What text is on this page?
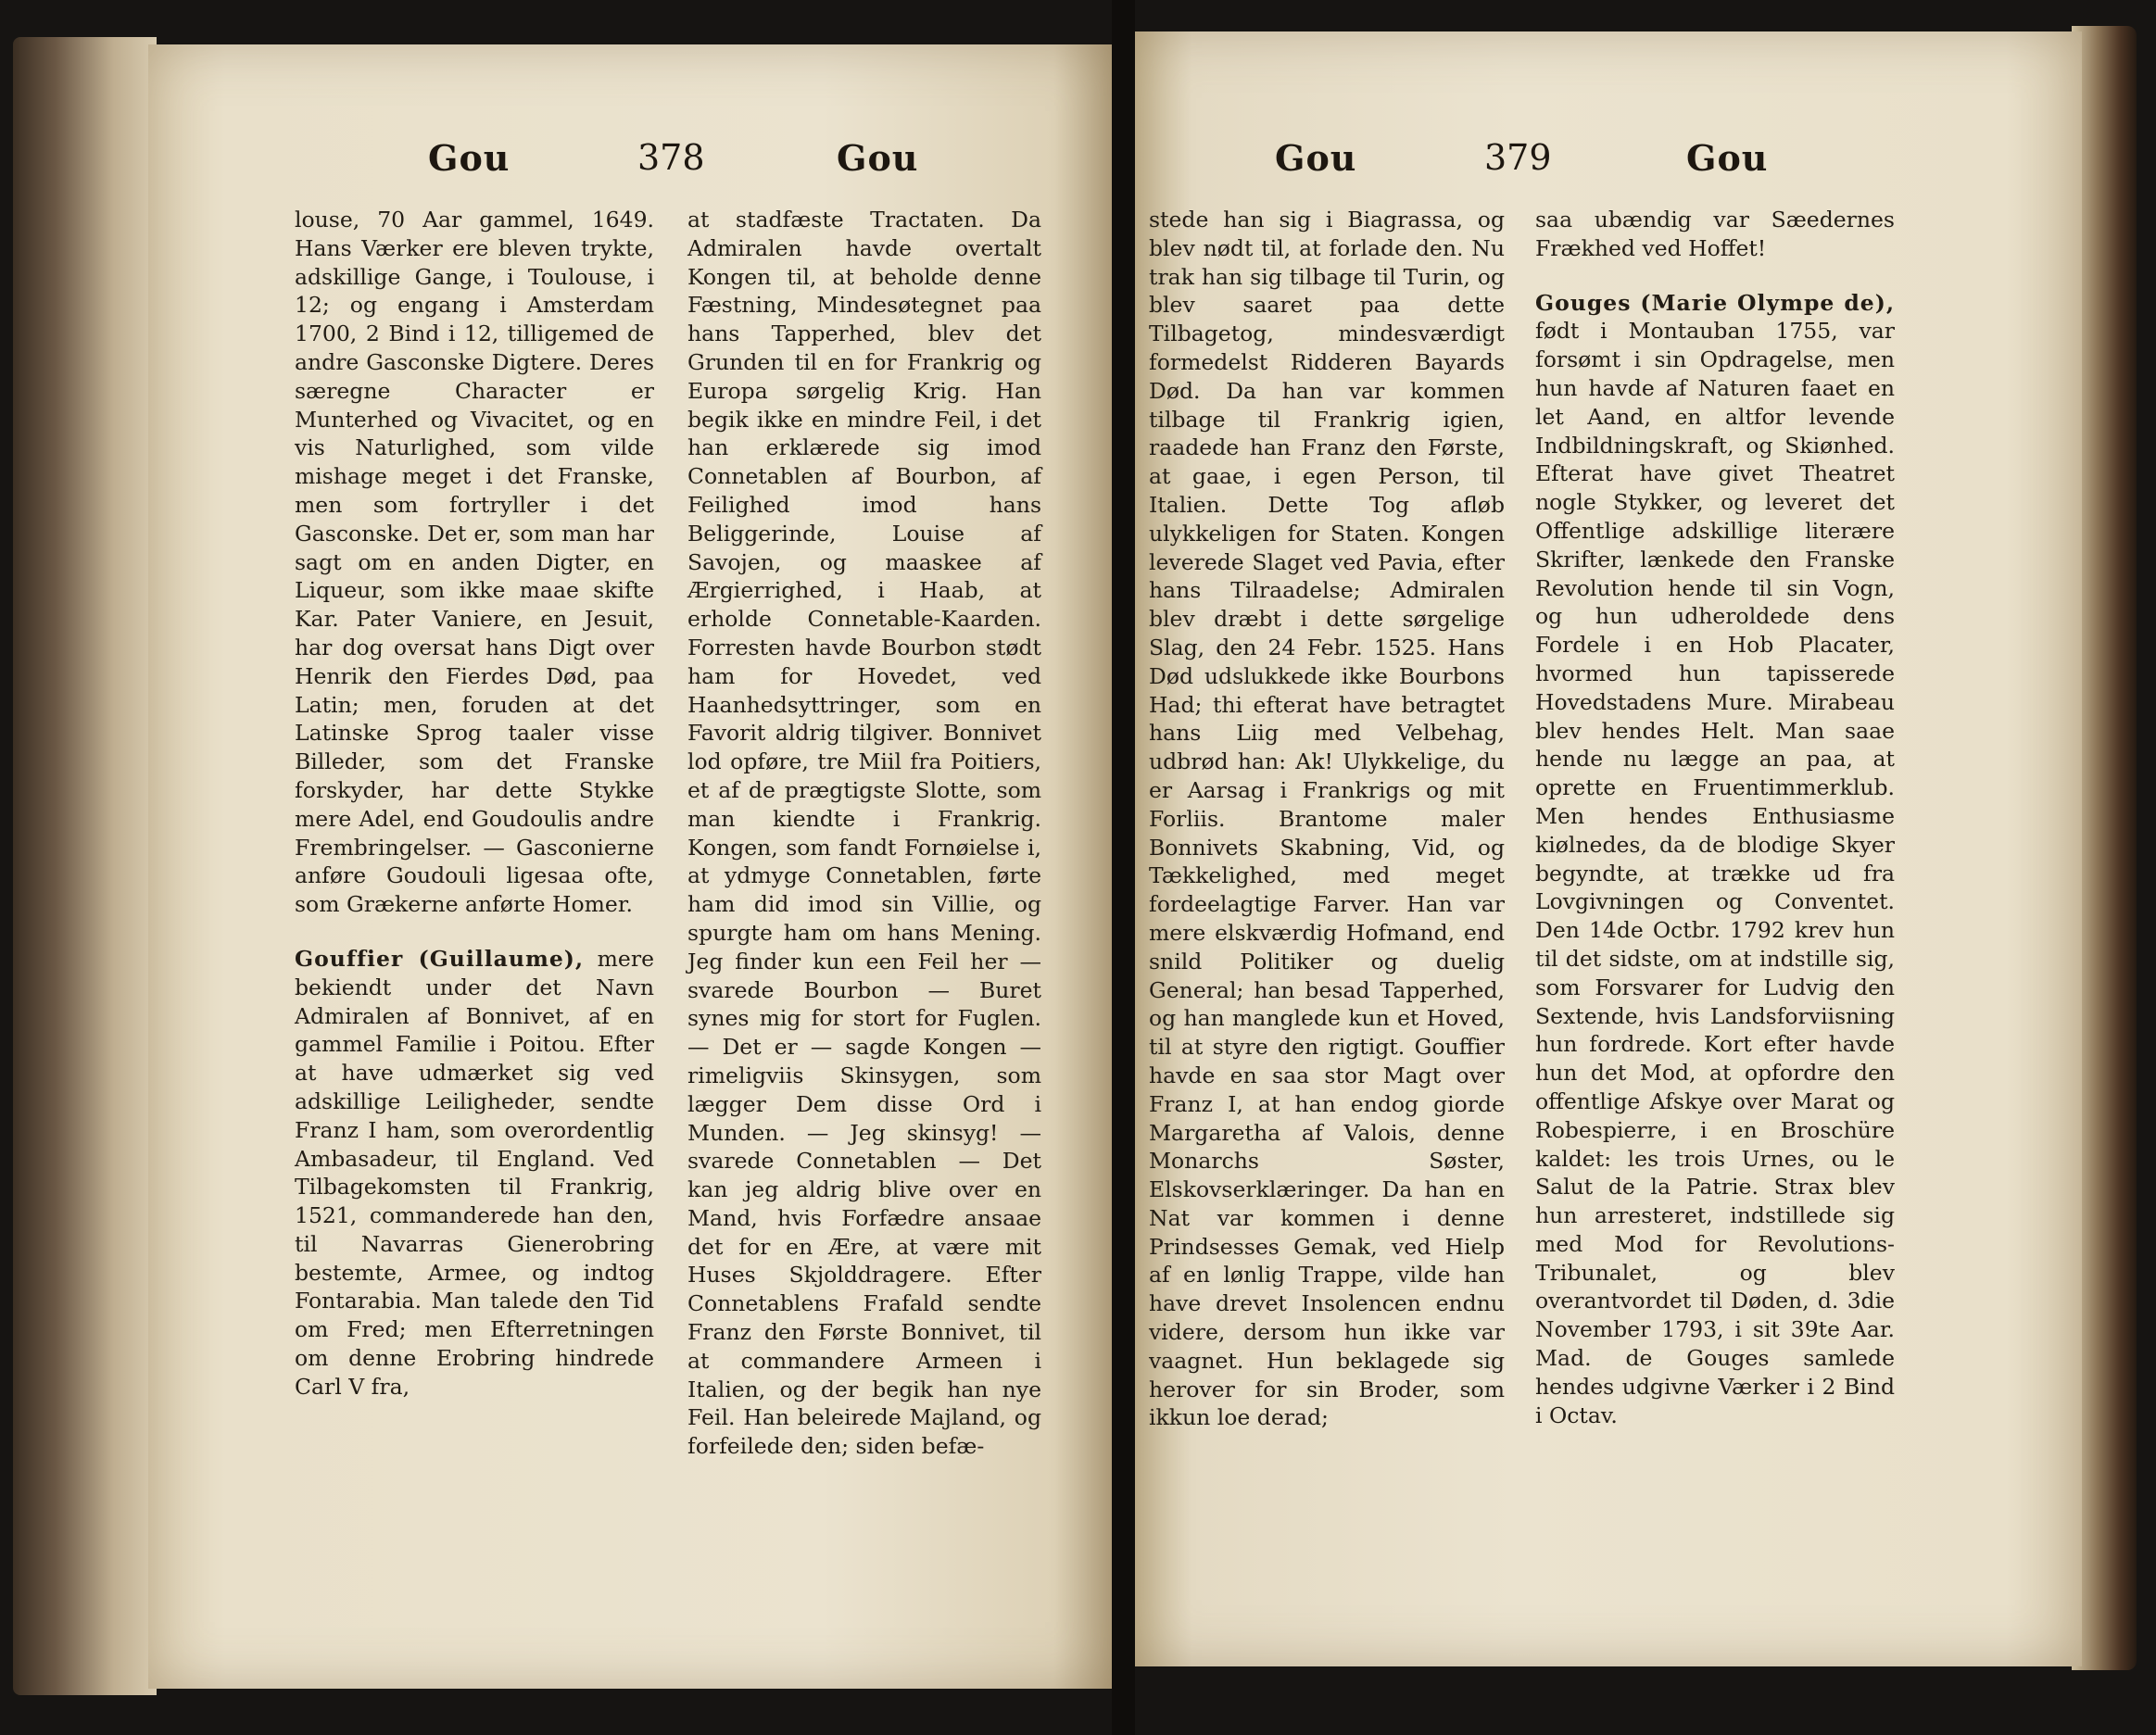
Gou	378	Gou

louse, 70 Aar gammel, 1649. Hans Værker ere bleven trykte, adskillige Gange, i Toulouse, i 12; og engang i Amsterdam 1700, 2 Bind i 12, tilligemed de andre Gasconske Digtere. Deres særegne Character er Munterhed og Vivacitet, og en vis Naturlighed, som vilde mishage meget i det Franske, men som fortryller i det Gasconske. Det er, som man har sagt om en anden Digter, en Liqueur, som ikke maae skifte Kar. Pater Vaniere, en Jesuit, har dog oversat hans Digt over Henrik den Fierdes Død, paa Latin; men, foruden at det Latinske Sprog taaler visse Billeder, som det Franske forskyder, har dette Stykke mere Adel, end Goudoulis andre Frembringelser. — Gasconierne anføre Goudouli ligesaa ofte, som Grækerne anførte Homer.

Gouffier (Guillaume), mere bekiendt under det Navn Admiralen af Bonnivet, af en gammel Familie i Poitou. Efter at have udmærket sig ved adskillige Leiligheder, sendte Franz I ham, som overordentlig Ambasadeur, til England. Ved Tilbagekomsten til Frankrig, 1521, commanderede han den, til Navarras Gienerobring bestemte, Armee, og indtog Fontarabia. Man talede den Tid om Fred; men Efterretningen om denne Erobring hindrede Carl V fra,

at stadfæste Tractaten. Da Admiralen havde overtalt Kongen til, at beholde denne Fæstning, Mindesøtegnet paa hans Tapperhed, blev det Grunden til en for Frankrig og Europa sørgelig Krig. Han begik ikke en mindre Feil, i det han erklærede sig imod Connetablen af Bourbon, af Feilighed imod hans Beliggerinde, Louise af Savojen, og maaskee af Ærgierrighed, i Haab, at erholde Connetable-Kaarden. Forresten havde Bourbon stødt ham for Hovedet, ved Haanhedsyttringer, som en Favorit aldrig tilgiver. Bonnivet lod opføre, tre Miil fra Poitiers, et af de prægtigste Slotte, som man kiendte i Frankrig. Kongen, som fandt Fornøielse i, at ydmyge Connetablen, førte ham did imod sin Villie, og spurgte ham om hans Mening. Jeg finder kun een Feil her — svarede Bourbon — Buret synes mig for stort for Fuglen. — Det er — sagde Kongen — rimeligviis Skinsygen, som lægger Dem disse Ord i Munden. — Jeg skinsyg! — svarede Connetablen — Det kan jeg aldrig blive over en Mand, hvis Forfædre ansaae det for en Ære, at være mit Huses Skjolddragere. Efter Connetablens Frafald sendte Franz den Første Bonnivet, til at commandere Armeen i Italien, og der begik han nye Feil. Han beleirede Majland, og forfeilede den; siden befæ-

Gou	379	Gou

stede han sig i Biagrassa, og blev nødt til, at forlade den. Nu trak han sig tilbage til Turin, og blev saaret paa dette Tilbagetog, mindesværdigt formedelst Ridderen Bayards Død. Da han var kommen tilbage til Frankrig igien, raadede han Franz den Første, at gaae, i egen Person, til Italien. Dette Tog afløb ulykkeligen for Staten. Kongen leverede Slaget ved Pavia, efter hans Tilraadelse; Admiralen blev dræbt i dette sørgelige Slag, den 24 Febr. 1525. Hans Død udslukkede ikke Bourbons Had; thi efterat have betragtet hans Liig med Velbehag, udbrød han: Ak! Ulykkelige, du er Aarsag i Frankrigs og mit Forliis. Brantome maler Bonnivets Skabning, Vid, og Tækkelighed, med meget fordeelagtige Farver. Han var mere elskværdig Hofmand, end snild Politiker og duelig General; han besad Tapperhed, og han manglede kun et Hoved, til at styre den rigtigt. Gouffier havde en saa stor Magt over Franz I, at han endog giorde Margaretha af Valois, denne Monarchs Søster, Elskovserklæringer. Da han en Nat var kommen i denne Prindsesses Gemak, ved Hielp af en lønlig Trappe, vilde han have drevet Insolencen endnu videre, dersom hun ikke var vaagnet. Hun beklagede sig herover for sin Broder, som ikkun loe derad;

saa ubændig var Sæedernes Frækhed ved Hoffet!

Gouges (Marie Olympe de), født i Montauban 1755, var forsømt i sin Opdragelse, men hun havde af Naturen faaet en let Aand, en altfor levende Indbildningskraft, og Skiønhed. Efterat have givet Theatret nogle Stykker, og leveret det Offentlige adskillige literære Skrifter, lænkede den Franske Revolution hende til sin Vogn, og hun udheroldede dens Fordele i en Hob Placater, hvormed hun tapisserede Hovedstadens Mure. Mirabeau blev hendes Helt. Man saae hende nu lægge an paa, at oprette en Fruentimmerklub. Men hendes Enthusiasme kiølnedes, da de blodige Skyer begyndte, at trække ud fra Lovgivningen og Conventet. Den 14de Octbr. 1792 krev hun til det sidste, om at indstille sig, som Forsvarer for Ludvig den Sextende, hvis Landsforviisning hun fordrede. Kort efter havde hun det Mod, at opfordre den offentlige Afskye over Marat og Robespierre, i en Broschüre kaldet: les trois Urnes, ou le Salut de la Patrie. Strax blev hun arresteret, indstillede sig med Mod for Revolutions-Tribunalet, og blev overantvordet til Døden, d. 3die November 1793, i sit 39te Aar. Mad. de Gouges samlede hendes udgivne Værker i 2 Bind i Octav.
